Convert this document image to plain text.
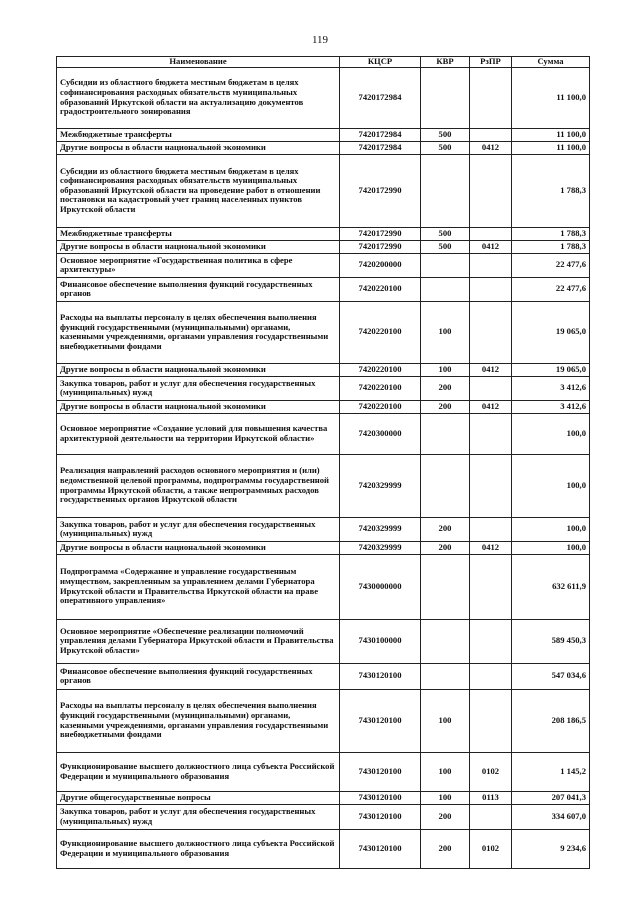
119
Наименование	КЦСР	КВР	РзПР	Сумма
Субсидии из областного бюджета местным бюджетам в целях софинансирования расходных обязательств муниципальных образований Иркутской области на актуализацию документов градостроительного зонирования	7420172984			11 100,0
Межбюджетные трансферты	7420172984	500		11 100,0
Другие вопросы в области национальной экономики	7420172984	500	0412	11 100,0
Субсидии из областного бюджета местным бюджетам в целях софинансирования расходных обязательств муниципальных образований Иркутской области на проведение работ в отношении постановки на кадастровый учет границ населенных пунктов Иркутской области	7420172990			1 788,3
Межбюджетные трансферты	7420172990	500		1 788,3
Другие вопросы в области национальной экономики	7420172990	500	0412	1 788,3
Основное мероприятие «Государственная политика в сфере архитектуры»	7420200000			22 477,6
Финансовое обеспечение выполнения функций государственных органов	7420220100			22 477,6
Расходы на выплаты персоналу в целях обеспечения выполнения функций государственными (муниципальными) органами, казенными учреждениями, органами управления государственными внебюджетными фондами	7420220100	100		19 065,0
Другие вопросы в области национальной экономики	7420220100	100	0412	19 065,0
Закупка товаров, работ и услуг для обеспечения государственных (муниципальных) нужд	7420220100	200		3 412,6
Другие вопросы в области национальной экономики	7420220100	200	0412	3 412,6
Основное мероприятие «Создание условий для повышения качества архитектурной деятельности на территории Иркутской области»	7420300000			100,0
Реализация направлений расходов основного мероприятия и (или) ведомственной целевой программы, подпрограммы государственной программы Иркутской области, а также непрограммных расходов государственных органов Иркутской области	7420329999			100,0
Закупка товаров, работ и услуг для обеспечения государственных (муниципальных) нужд	7420329999	200		100,0
Другие вопросы в области национальной экономики	7420329999	200	0412	100,0
Подпрограмма «Содержание и управление государственным имуществом, закрепленным за управлением делами Губернатора Иркутской области и Правительства Иркутской области на праве оперативного управления»	7430000000			632 611,9
Основное мероприятие «Обеспечение реализации полномочий управления делами Губернатора Иркутской области и Правительства Иркутской области»	7430100000			589 450,3
Финансовое обеспечение выполнения функций государственных органов	7430120100			547 034,6
Расходы на выплаты персоналу в целях обеспечения выполнения функций государственными (муниципальными) органами, казенными учреждениями, органами управления государственными внебюджетными фондами	7430120100	100		208 186,5
Функционирование высшего должностного лица субъекта Российской Федерации и муниципального образования	7430120100	100	0102	1 145,2
Другие общегосударственные вопросы	7430120100	100	0113	207 041,3
Закупка товаров, работ и услуг для обеспечения государственных (муниципальных) нужд	7430120100	200		334 607,0
Функционирование высшего должностного лица субъекта Российской Федерации и муниципального образования	7430120100	200	0102	9 234,6
